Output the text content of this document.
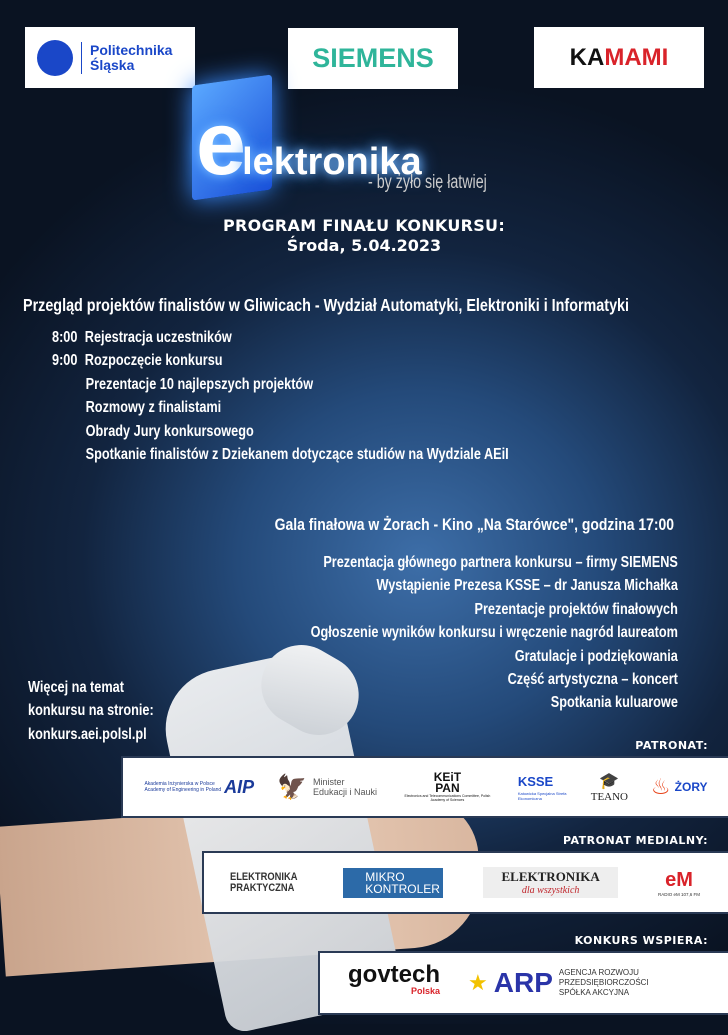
Politechnika
Śląska	SIEMENS	KA MAMI
elektronika
- by żyło się łatwiej
PROGRAM FINAŁU KONKURSU:
Środa, 5.04.2023
Przegląd projektów finalistów w Gliwicach - Wydział Automatyki, Elektroniki i Informatyki
8:00 Rejestracja uczestników
9:00 Rozpoczęcie konkursu
Prezentacje 10 najlepszych projektów
Rozmowy z finalistami
Obrady Jury konkursowego
Spotkanie finalistów z Dziekanem dotyczące studiów na Wydziale AEiI
Gala finałowa w Żorach - Kino „Na Starówce", godzina 17:00
Prezentacja głównego partnera konkursu – firmy SIEMENS
Wystąpienie Prezesa KSSE – dr Janusza Michałka
Prezentacje projektów finałowych
Ogłoszenie wyników konkursu i wręczenie nagród laureatom
Gratulacje i podziękowania
Część artystyczna – koncert
Spotkania kuluarowe
Więcej na temat
konkursu na stronie:
konkurs.aei.polsl.pl
PATRONAT:
Akademia Inżynierska w Polsce
Academy of Engineering in Poland AIP 🦅 Minister
Edukacji i Nauki
KEiT
PAN
Electronics and Telecommunications Committee, Polish Academy of Sciences
KSSE
Katowicka Specjalna Strefa Ekonomiczna
🎓
TEANO ♨ ŻORY
PATRONAT MEDIALNY:
ELEKTRONIKA
PRAKTYCZNA
MIKRO
KONTROLER
ELEKTRONIKA
dla wszystkich	eM
RADIO eM 107,6 FM
KONKURS WSPIERA:
govtech
Polska ★ ARP AGENCJA ROZWOJU
PRZEDSIĘBIORCZOŚCI
SPÓŁKA AKCYJNA
